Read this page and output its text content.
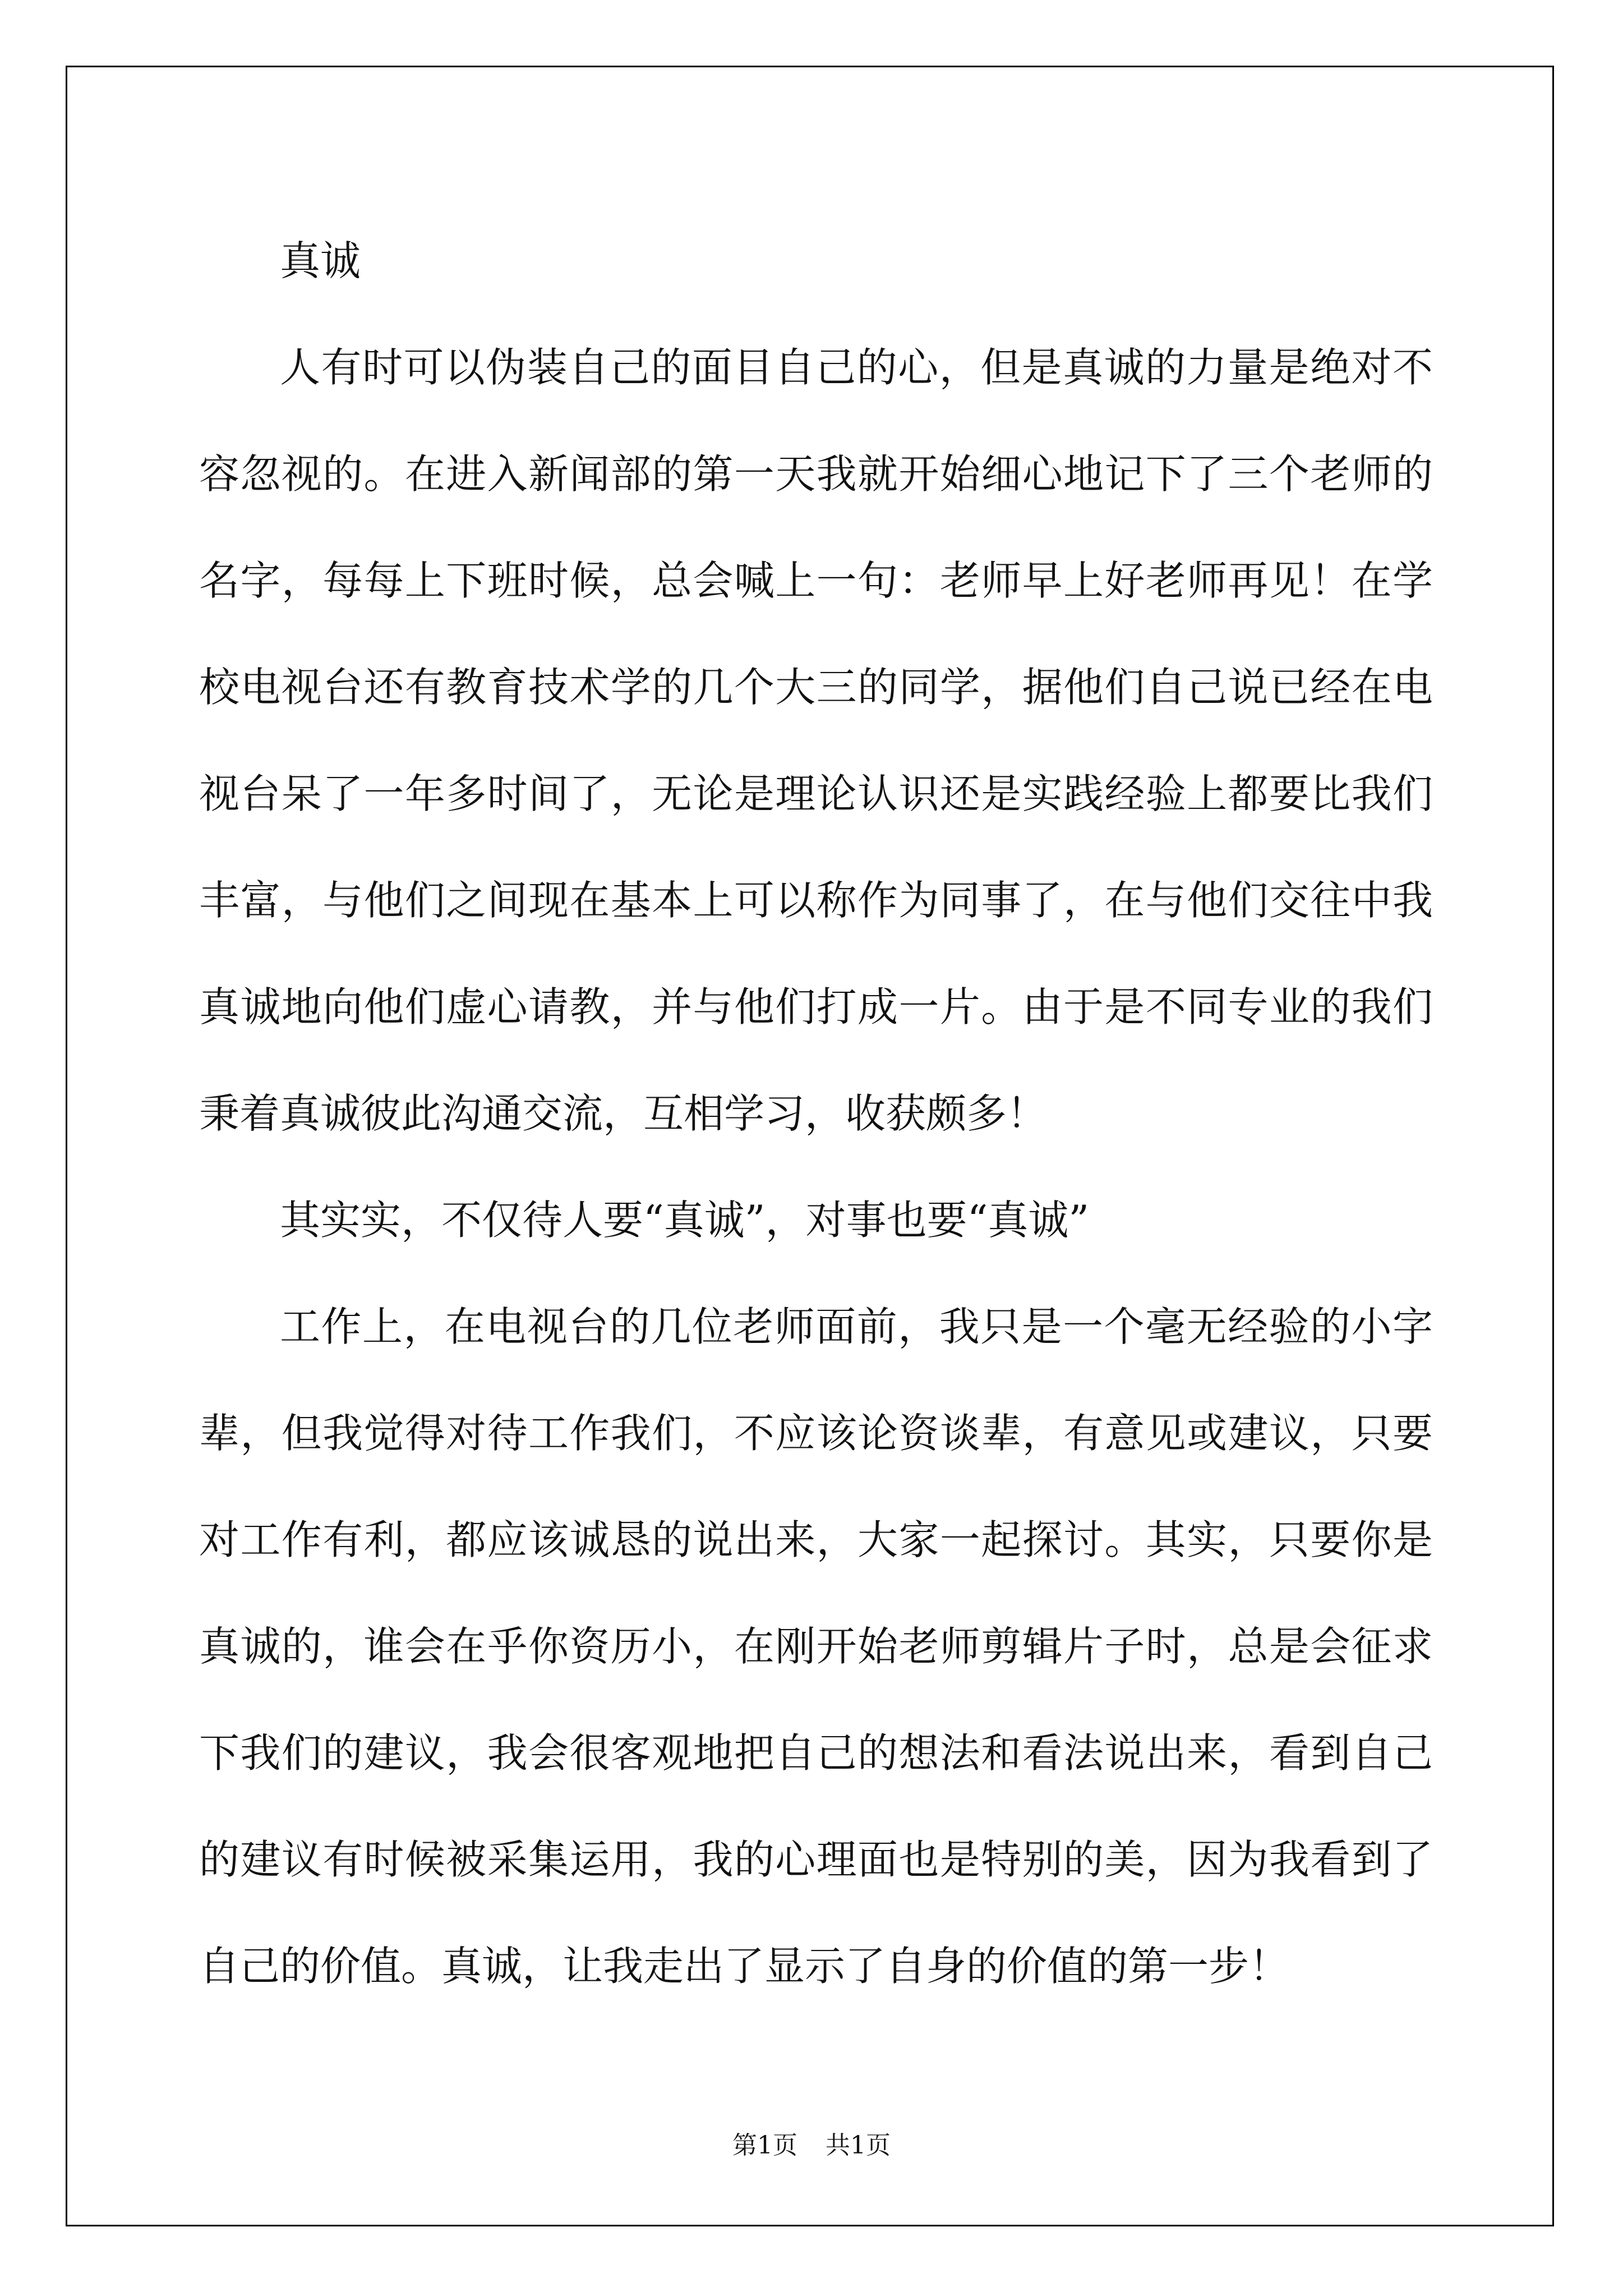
真诚

人有时可以伪装自己的面目自己的心，但是真诚的力量是绝对不容忽视的。在进入新闻部的第一天我就开始细心地记下了三个老师的名字，每每上下班时候，总会喊上一句：老师早上好老师再见！在学校电视台还有教育技术学的几个大三的同学，据他们自己说已经在电视台呆了一年多时间了，无论是理论认识还是实践经验上都要比我们丰富，与他们之间现在基本上可以称作为同事了，在与他们交往中我真诚地向他们虚心请教，并与他们打成一片。由于是不同专业的我们秉着真诚彼此沟通交流，互相学习，收获颇多！

其实实，不仅待人要“真诚”，对事也要“真诚”

工作上，在电视台的几位老师面前，我只是一个毫无经验的小字辈，但我觉得对待工作我们，不应该论资谈辈，有意见或建议，只要对工作有利，都应该诚恳的说出来，大家一起探讨。其实，只要你是真诚的，谁会在乎你资历小，在刚开始老师剪辑片子时，总是会征求下我们的建议，我会很客观地把自己的想法和看法说出来，看到自己的建议有时候被采集运用，我的心理面也是特别的美，因为我看到了自己的价值。真诚，让我走出了显示了自身的价值的第一步！

第1页 共1页
